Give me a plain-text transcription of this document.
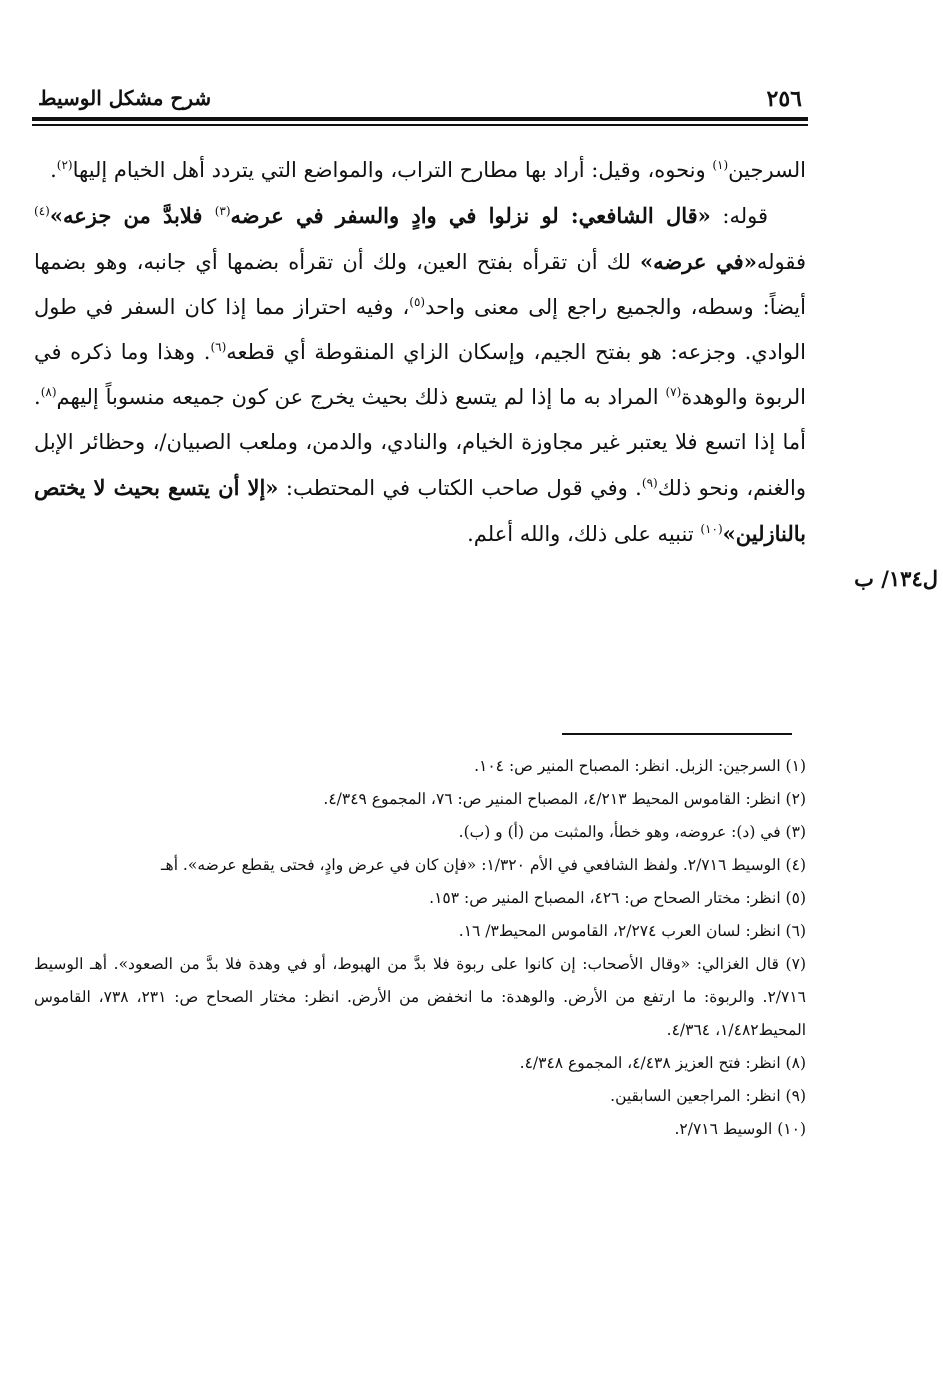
٢٥٦
شرح مشكل الوسيط

السرجين$^{(١)}$ ونحوه، وقيل: أراد بها مطارح التراب، والمواضع التي يتردد أهل الخيام إليها$^{(٢)}$.

قوله: «قال الشافعي: لو نزلوا في وادٍ والسفر في عرضه$^{(٣)}$ فلابدَّ من جزعه»$^{(٤)}$ فقوله«في عرضه» لك أن تقرأه بفتح العين، ولك أن تقرأه بضمها أي جانبه، وهو بضمها أيضاً: وسطه، والجميع راجع إلى معنى واحد$^{(٥)}$، وفيه احتراز مما إذا كان السفر في طول الوادي. وجزعه: هو بفتح الجيم، وإسكان الزاي المنقوطة أي قطعه$^{(٦)}$. وهذا وما ذكره في الربوة والوهدة$^{(٧)}$ المراد به ما إذا لم يتسع ذلك بحيث يخرج عن كون جميعه منسوباً إليهم$^{(٨)}$. أما إذا اتسع فلا يعتبر غير مجاوزة الخيام، والنادي، والدمن، وملعب الصبيان/، وحظائر الإبل والغنم، ونحو ذلك$^{(٩)}$. وفي قول صاحب الكتاب في المحتطب: «إلا أن يتسع بحيث لا يختص بالنازلين»$^{(١٠)}$ تنبيه على ذلك، والله أعلم.

ل١٣٤/ ب

(١) السرجين: الزبل. انظر: المصباح المنير ص: ١٠٤.

(٢) انظر: القاموس المحيط ٤/٢١٣، المصباح المنير ص: ٧٦، المجموع ٤/٣٤٩.

(٣) في (د): عروضه، وهو خطأ، والمثبت من (أ) و (ب).

(٤) الوسيط ٢/٧١٦. ولفظ الشافعي في الأم ١/٣٢٠: «فإن كان في عرض وادٍ، فحتى يقطع عرضه». أهـ

(٥) انظر: مختار الصحاح ص: ٤٢٦، المصباح المنير ص: ١٥٣.

(٦) انظر: لسان العرب ٢/٢٧٤، القاموس المحيط٣/ ١٦.

(٧) قال الغزالي: «وقال الأصحاب: إن كانوا على ربوة فلا بدَّ من الهبوط، أو في وهدة فلا بدَّ من الصعود». أهـ الوسيط ٢/٧١٦. والربوة: ما ارتفع من الأرض. والوهدة: ما انخفض من الأرض. انظر: مختار الصحاح ص: ٢٣١، ٧٣٨، القاموس المحيط١/٤٨٢، ٤/٣٦٤.

(٨) انظر: فتح العزيز ٤/٤٣٨، المجموع ٤/٣٤٨.

(٩) انظر: المراجعين السابقين.

(١٠) الوسيط ٢/٧١٦.
